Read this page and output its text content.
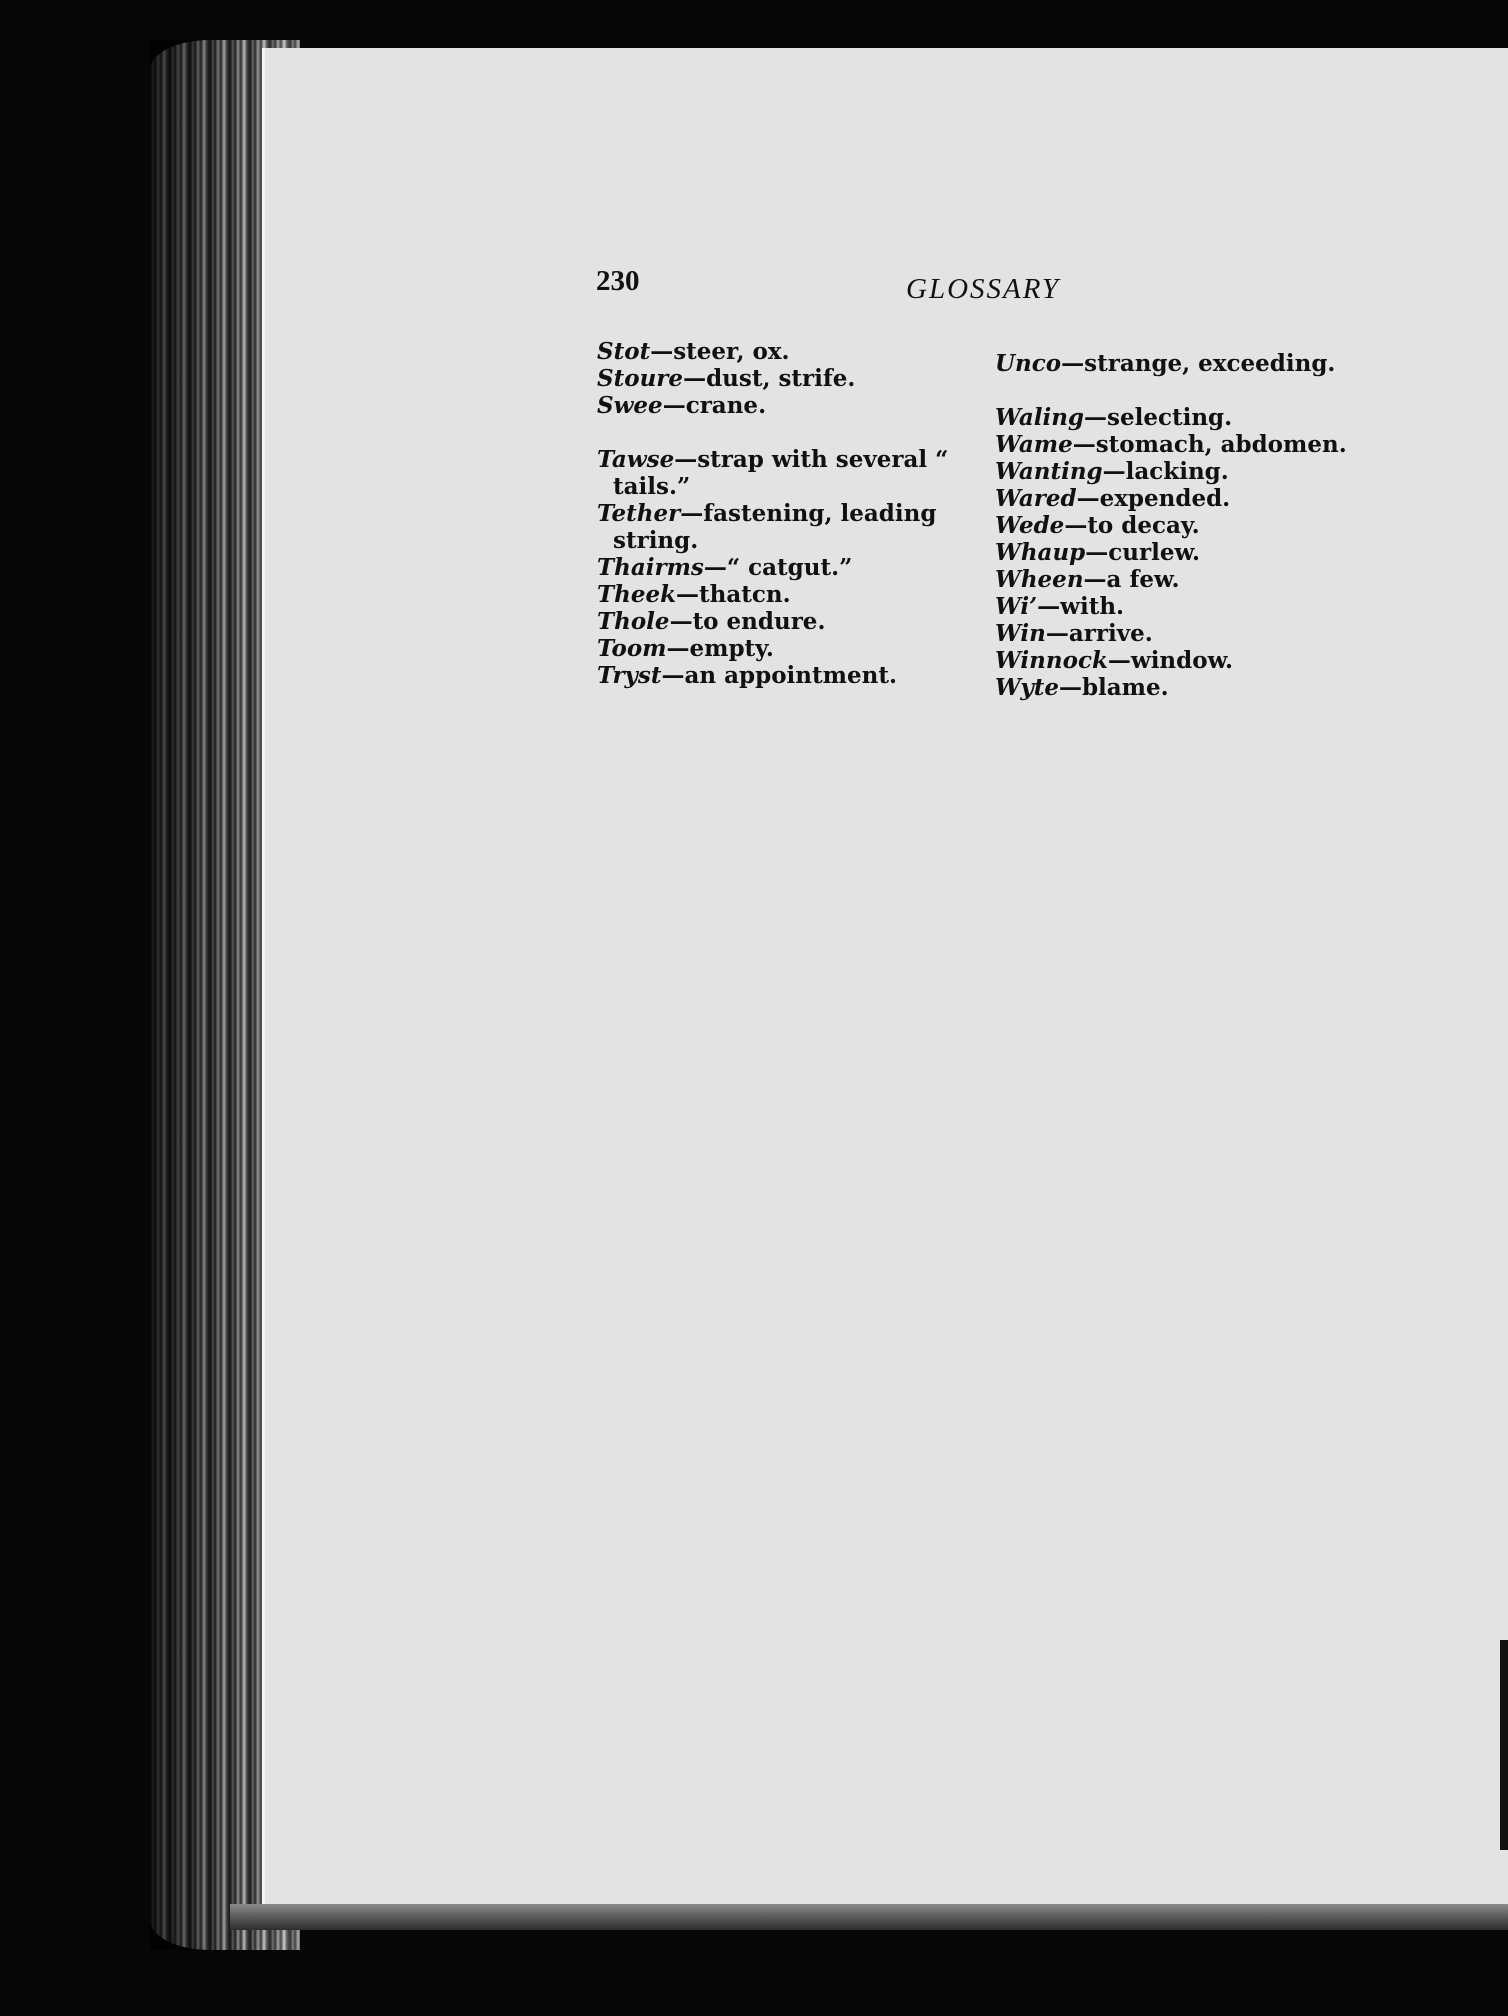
230	GLOSSARY
Stot—steer, ox.
Stoure—dust, strife.
Swee—crane.
Tawse—strap with several “ tails.”
Tether—fastening, leading string.
Thairms—“ catgut.”
Theek—thatcn.
Thole—to endure.
Toom—empty.
Tryst—an appointment.
Unco—strange, exceeding.
Waling—selecting.
Wame—stomach, abdomen.
Wanting—lacking.
Wared—expended.
Wede—to decay.
Whaup—curlew.
Wheen—a few.
Wi’—with.
Win—arrive.
Winnock—window.
Wyte—blame.
